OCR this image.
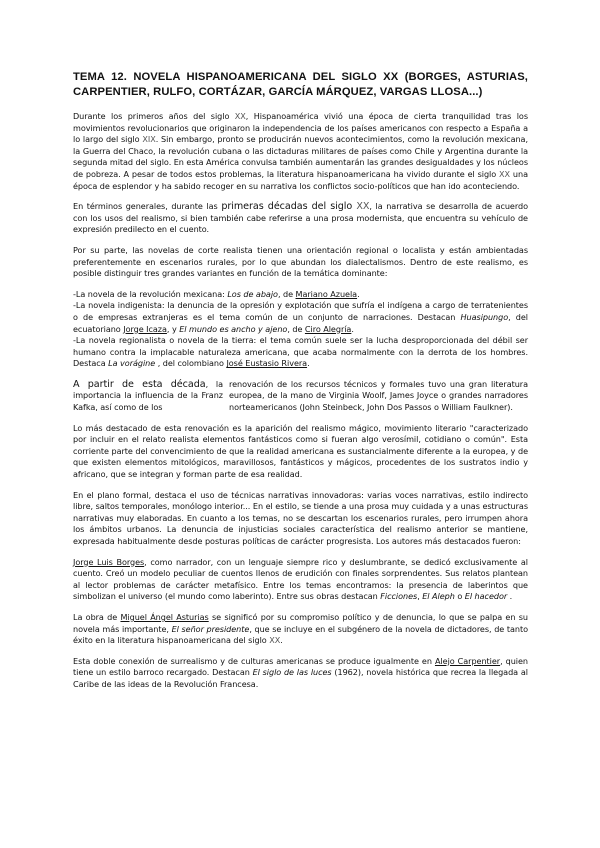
TEMA 12. NOVELA HISPANOAMERICANA DEL SIGLO XX (BORGES, ASTURIAS, CARPENTIER, RULFO, CORTÁZAR, GARCÍA MÁRQUEZ, VARGAS LLOSA...)

Durante los primeros años del siglo XX, Hispanoamérica vivió una época de cierta tranquilidad tras los movimientos revolucionarios que originaron la independencia de los países americanos con respecto a España a lo largo del siglo XIX. Sin embargo, pronto se producirán nuevos acontecimientos, como la revolución mexicana, la Guerra del Chaco, la revolución cubana o las dictaduras militares de países como Chile y Argentina durante la segunda mitad del siglo. En esta América convulsa también aumentarán las grandes desigualdades y los núcleos de pobreza. A pesar de todos estos problemas, la literatura hispanoamericana ha vivido durante el siglo XX una época de esplendor y ha sabido recoger en su narrativa los conflictos socio-políticos que han ido aconteciendo.

En términos generales, durante las primeras décadas del siglo XX, la narrativa se desarrolla de acuerdo con los usos del realismo, si bien también cabe referirse a una prosa modernista, que encuentra su vehículo de expresión predilecto en el cuento.

Por su parte, las novelas de corte realista tienen una orientación regional o localista y están ambientadas preferentemente en escenarios rurales, por lo que abundan los dialectalismos. Dentro de este realismo, es posible distinguir tres grandes variantes en función de la temática dominante:

-La novela de la revolución mexicana: Los de abajo, de Mariano Azuela.
-La novela indigenista: la denuncia de la opresión y explotación que sufría el indígena a cargo de terratenientes o de empresas extranjeras es el tema común de un conjunto de narraciones. Destacan Huasipungo, del ecuatoriano Jorge Icaza, y El mundo es ancho y ajeno, de Ciro Alegría.
-La novela regionalista o novela de la tierra: el tema común suele ser la lucha desproporcionada del débil ser humano contra la implacable naturaleza americana, que acaba normalmente con la derrota de los hombres. Destaca La vorágine , del colombiano José Eustasio Rivera.

A partir de esta década, la importancia la influencia de la Franz Kafka, así como de los
renovación de los recursos técnicos y formales tuvo una gran literatura europea, de la mano de Virginia Woolf, James Joyce o grandes narradores norteamericanos (John Steinbeck, John Dos Passos o William Faulkner).

Lo más destacado de esta renovación es la aparición del realismo mágico, movimiento literario "caracterizado por incluir en el relato realista elementos fantásticos como si fueran algo verosímil, cotidiano o común". Esta corriente parte del convencimiento de que la realidad americana es sustancialmente diferente a la europea, y de que existen elementos mitológicos, maravillosos, fantásticos y mágicos, procedentes de los sustratos indio y africano, que se integran y forman parte de esa realidad.

En el plano formal, destaca el uso de técnicas narrativas innovadoras: varias voces narrativas, estilo indirecto libre, saltos temporales, monólogo interior... En el estilo, se tiende a una prosa muy cuidada y a unas estructuras narrativas muy elaboradas. En cuanto a los temas, no se descartan los escenarios rurales, pero irrumpen ahora los ámbitos urbanos. La denuncia de injusticias sociales característica del realismo anterior se mantiene, expresada habitualmente desde posturas políticas de carácter progresista. Los autores más destacados fueron:

Jorge Luis Borges, como narrador, con un lenguaje siempre rico y deslumbrante, se dedicó exclusivamente al cuento. Creó un modelo peculiar de cuentos llenos de erudición con finales sorprendentes. Sus relatos plantean al lector problemas de carácter metafísico. Entre los temas encontramos: la presencia de laberintos que simbolizan el universo (el mundo como laberinto). Entre sus obras destacan Ficciones, El Aleph o El hacedor .

La obra de Miguel Ángel Asturias se significó por su compromiso político y de denuncia, lo que se palpa en su novela más importante, El señor presidente, que se incluye en el subgénero de la novela de dictadores, de tanto éxito en la literatura hispanoamericana del siglo XX.

Esta doble conexión de surrealismo y de culturas americanas se produce igualmente en Alejo Carpentier, quien tiene un estilo barroco recargado. Destacan El siglo de las luces (1962), novela histórica que recrea la llegada al Caribe de las ideas de la Revolución Francesa.
